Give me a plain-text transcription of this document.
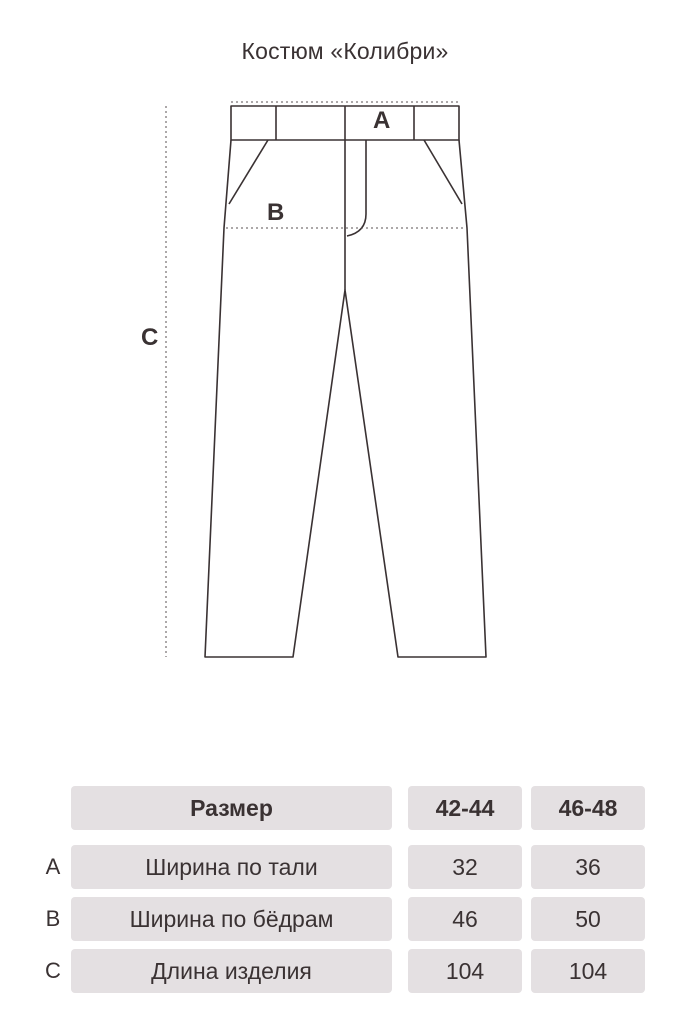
Костюм «Колибри»
A
B
C
Размер	42-44	46-48
A	Ширина по тали	32	36
B	Ширина по бёдрам	46	50
C	Длина изделия	104	104
